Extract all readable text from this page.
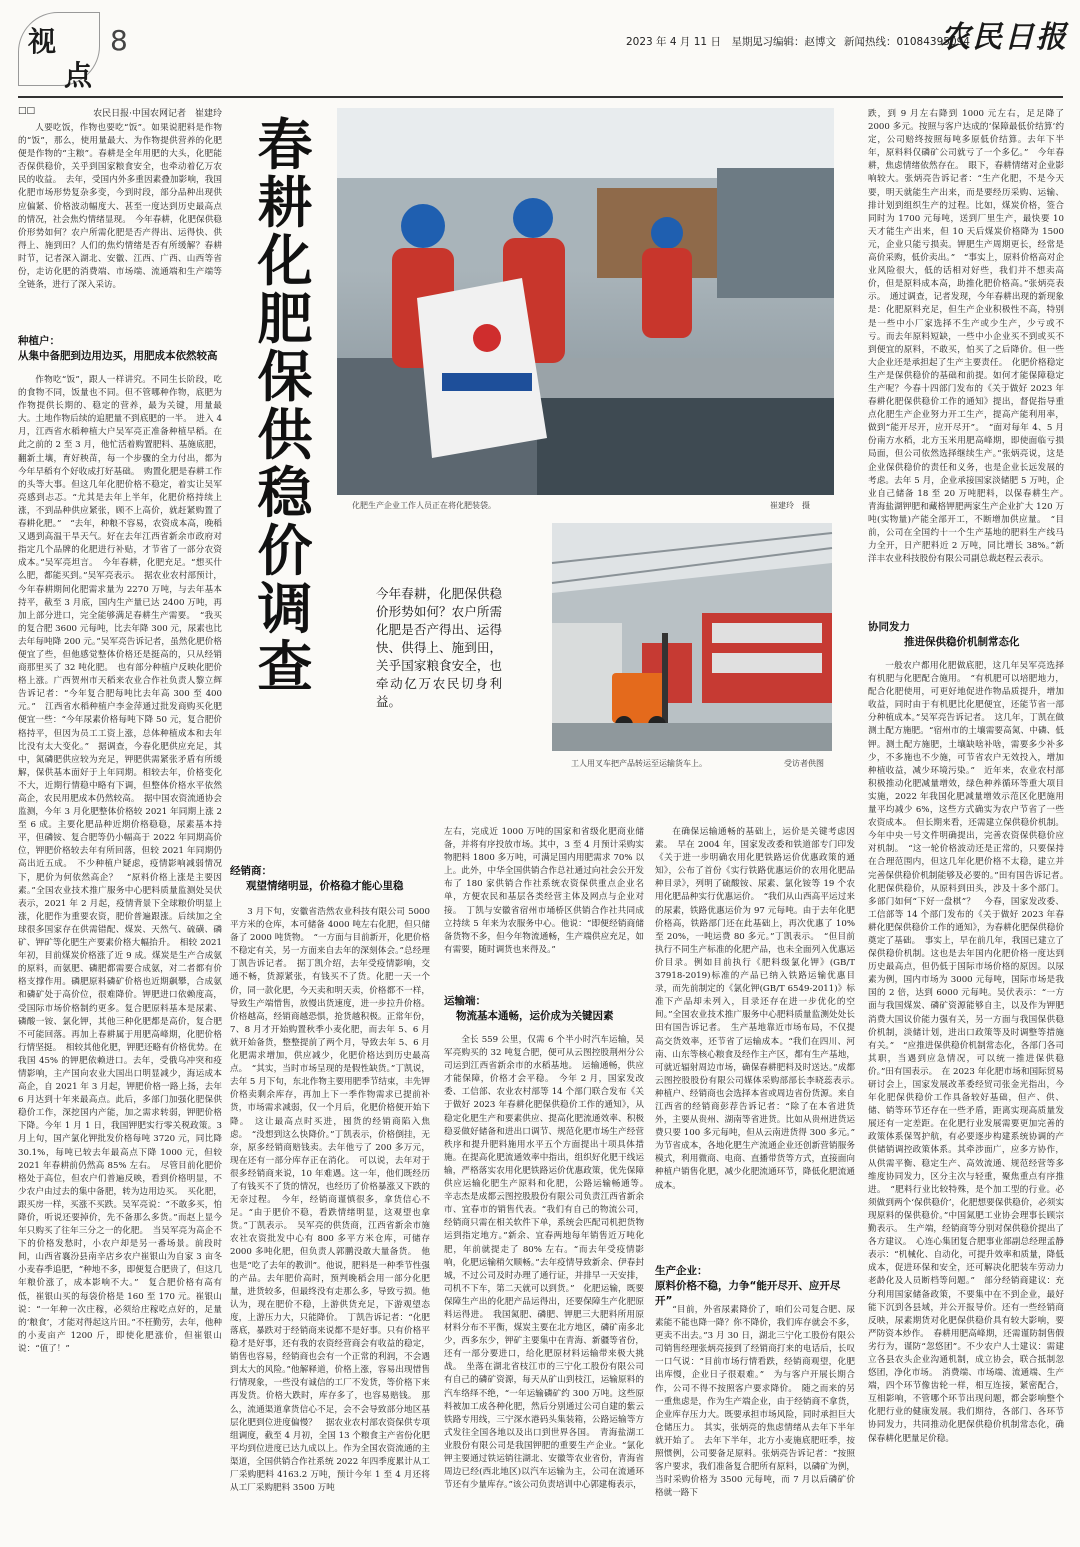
视
点
8	2023 年 4 月 11 日　星期二
见习编辑：赵博文 新闻热线：01084395094
农民日报
□□	农民日报·中国农网记者　崔建玲

人要吃饭，作物也要吃“饭”。如果说肥料是作物的“饭”，那么，使用量最大、为作物提供营养的化肥便是作物的“主粮”。春耕是全年用肥的大头，化肥能否保供稳价，关乎到国家粮食安全，也牵动着亿万农民的收益。　去年，受国内外多重因素叠加影响，我国化肥市场形势复杂多变，今到时段，部分品种出现供应偏紧、价格波动幅度大、甚至一度达到历史最高点的情况，社会焦灼情绪显现。　今年春耕，化肥保供稳价形势如何？农户所需化肥是否产得出、运得快、供得上、施到田？人们的焦灼情绪是否有所缓解？春耕时节，记者深入湖北、安徽、江西、广西、山西等省份，走访化肥的消费端、市场端、流通端和生产端等全链条，进行了深入采访。

种植户：
从集中备肥到边用边买，用肥成本依然较高

作物吃“饭”，跟人一样讲究。不同生长阶段，吃的食物不同，饭量也不同。但不管哪种作物，底肥为作物提供长期的、稳定的营养，最为关键，用量最大。土地作物后续的追肥量不到底肥的一半。　进入 4 月，江西省水稻种植大户吴军亮正准备种植早稻。在此之前的 2 至 3 月，他忙活着购置肥料、基施底肥，翻新土壤，育好秧苗，每一个步骤的全力付出，都为今年早稻有个好收成打好基础。　购置化肥是春耕工作的头等大事。但这几年化肥价格不稳定，着实让吴军亮感到忐忑。“尤其是去年上半年，化肥价格持续上涨，不到品种供应紧张，顾不上高价，就赶紧购置了春耕化肥。”　“去年，种粮不容易，农资成本高，晚稻又遇到高温干旱天气。好在去年江西省新余市政府对指定几个品牌的化肥进行补贴，才节省了一部分农资成本。”吴军亮坦言。　今年春耕，化肥充足。“想买什么肥，都能买到。”吴军亮表示。　据农业农村部预计，今年春耕期间化肥需求量为 2270 万吨，与去年基本持平，截至 3 月底，国内生产量已达 2400 万吨，再加上部分进口，完全能够满足春耕生产需要。　“我买的复合肥 3600 元每吨，比去年降 300 元，尿素也比去年每吨降 200 元。”吴军亮告诉记者，虽然化肥价格便宜了些，但他感觉整体价格还是挺高的，只从经销商那里买了 32 吨化肥。　也有部分种植户反映化肥价格上涨。广西贺州市天稻来农业合作社负责人黎立辉告诉记者：“今年复合肥每吨比去年高 300 至 400 元。”　江西省水稻种植户李金萍通过批发商购买化肥便宜一些：“今年尿素价格每吨下降 50 元，复合肥价格持平，但因为员工工资上涨，总体种植成本和去年比没有太大变化。”　据调查，今春化肥供应充足，其中，氮磷肥供应较为充足，钾肥供需紧张矛盾有所缓解，保供基本面好于上年同期。相较去年，价格变化不大，近期行情稳中略有下调，但整体价格水平依然高企，农民用肥成本仍然较高。　据中国农资流通协会监测，今年 3 月化肥整体价格较 2021 年同期上涨 2 至 6 成。主要化肥品种近期价格稳稳，尿素基本持平，但磷铵、复合肥等仍小幅高于 2022 年同期高价位，钾肥价格较去年有所回落，但较 2021 年同期仍高出近五成。　不少种植户疑虑，疫情影响减弱情况下，肥价为何依然高企？　“原料价格上涨是主要因素。”全国农业技术推广服务中心肥料质量监测处吴伏表示，2021 年 2 月起，疫情背景下全球粮价明显上涨，化肥作为重要农资，肥价普遍跟涨。后续加之全球很多国家存在供需错配、煤炭、天然气、硫磺、磷矿、钾矿等化肥生产要素价格大幅抬升。　相较 2021 年初，目前煤炭价格涨了近 9 成。煤炭是生产合成氨的原料，而氨肥、磷肥都需要合成氨，对二者都有价格支撑作用。磷肥原料磷矿价格也近期飙攀，合成氨和磷矿处于高价位，很难降价。钾肥进口依赖度高，受国际市场价格制约更多。复合肥原料基本是尿素、磷酸一铵、氯化钾，其他三种化肥都是高价，复合肥不可能回落。再加上春耕属于用肥高峰期，化肥价格行情坚挺。　相较其他化肥，钾肥还略有价格优势。在我国 45% 的钾肥依赖进口。去年，受俄乌冲突和疫情影响，主产国向农业大国出口明显减少，海运成本高企，自 2021 年 3 月起，钾肥价格一路上扬，去年 6 月达到十年来最高点。此后，多部门加强化肥保供稳价工作，深挖国内产能，加之需求转弱，钾肥价格下降。今年 1 月 1 日，我国钾肥实行零关税政策。3 月上旬，国产氯化钾批发价格每吨 3720 元，同比降 30.1%，每吨已较去年最高点下降 1000 元，但较 2021 年春耕前仍然高 85% 左右。　尽管目前化肥价格处于高位，但农户们普遍反映，看到价格明显，不少农户由过去的集中备肥，转为边用边买。　买化肥，跟买房一样，买涨不买跌。吴军亮说：“不敢多买，怕降价，听说还要掉价，先不备那么多货。”而赵上显今年只购买了往年三分之一的化肥。　当吴军亮为高企不下的价格发愁时，小农户却是另一番场景。前段时间，山西省襄汾县南辛店乡农户崔银山为自家 3 亩冬小麦春季追肥，“种地不多，即便复合肥贵了，但这几年粮价涨了，成本影响不大。”　复合肥价格有高有低，崔银山买的每袋价格是 160 至 170 元。崔银山说：“一年种一次庄稼，必须给庄稼吃点好的，足量的‘粮食’，才能对得起这片田。”不枉勤劳，去年，他种的小麦亩产 1200 斤，即使化肥涨价，但崔银山说：“值了！”

春耕化肥保供稳价调查
化肥生产企业工作人员正在将化肥装袋。	崔建玲　摄
今年春耕，化肥保供稳价形势如何？农户所需化肥是否产得出、运得快、供得上、施到田，关乎国家粮食安全，也牵动亿万农民切身利益。
工人用叉车把产品转运至运输货车上。	受访者供图
经销商：
观望情绪明显，价格稳才能心里稳

3 月下旬，安徽省浩然农业科技有限公司 5000 平方米的仓库，本可储备 4000 吨左右化肥，但只储备了 2000 吨货物。　“一方面与目前新开，化肥价格不稳定有关，另一方面来自去年的深刻体会。”总经理丁凯告诉记者。　据丁凯介绍，去年受疫情影响，交通不畅，货源紧张，有钱买不了货。化肥一天一个价，同一款化肥，今天卖和明天卖，价格都不一样，导致生产端惜售，放慢出货速度，进一步拉升价格。价格越高，经销商越恐惧，抢货越积极。正常年份，7、8 月才开始购置秋季小麦化肥，而去年 5、6 月就开始备货，整整提前了两个月，导致去年 5、6 月化肥需求增加，供应减少，化肥价格达到历史最高点。　“其实，当时市场呈现的是假性缺货。”丁凯说，去年 5 月下旬，东北作物主要用肥季节结束，丰先钾价格卖剩余库存，再加上下一季作物需求已提前补货，市场需求减弱，仅一个月后，化肥价格便开始下降。　这让最高点时买进，囤货的经销商陷入焦虑。　“没想到这么快降价。”丁凯表示，价格倒挂，无奈，原多经销商赔钱卖。去年他亏了 200 多万元，现在还有一部分库存正在消化。　可以说，去年对于很多经销商来说，10 年难遇。这一年，他们既经历了有钱买不了货的情况，也经历了价格暴涨又下跌的无奈过程。　今年，经销商谨慎很多，拿货信心不足。“由于肥价不稳，看跌情绪明显，这观望也拿货。”丁凯表示。　吴军亮的供货商，江西省新余市施农社农资批发中心有 800 多平方米仓库，可储存 2000 多吨化肥，但负责人郭鹏没敢大量备货。　他也是“吃了去年的教训”。他说，肥料是一种季节性强的产品。去年肥价高时，预判晚稻会用一部分化肥量，进货较多，但最终没有走那么多，导致亏损。他认为，现在肥价不稳，上游供货充足，下游观望态度，上游压力大，只能降价。　丁凯告诉记者：“化肥落底，暴跌对于经销商来说都不是好事。只有价格平稳才是好事，还有我的农资经营商会有收益的稳定，销售也容易，经销商也会有一个正常的利润，不会遇到太大的风险。”他解释道，价格上涨，容易出现惜售行情现象，一些没有诚信的工厂不发货，等价格下来再发货。价格大跌时，库存多了，也容易赔钱。　那么，流通渠道拿货信心不足，会不会导致部分地区基层化肥到位进度偏慢？　据农业农村部农资保供专项组调度，截至 4 月初，全国 13 个粮食主产省份化肥平均到位进度已达九成以上。作为全国农资流通的主渠道，全国供销合作社系统 2022 年四季度累计从工厂采购肥料 4163.2 万吨，预计今年 1 至 4 月还将从工厂采购肥料 3500 万吨

左右，完成近 1000 万吨的国家和省级化肥商业储备，并将有序投放市场。其中，3 至 4 月预计采购实物肥料 1800 多万吨，可满足国内用肥需求 70% 以上。此外，中华全国供销合作总社通过向社会公开发布了 180 家供销合作社系统农资保供重点企业名单，方便农民和基层各类经营主体及网点与企业对接。　丁凯与安徽省宿州市埇桥区供销合作社共同成立持续 5 年来为农服务中心。他说：“即便经销商储备货物不多，但今年物流通畅，生产端供应充足，如有需要，随时调货也来得及。”

运输端：
物流基本通畅，运价成为关键因素

全长 559 公里，仅需 6 个半小时汽车运输，吴军亮购买的 32 吨复合肥，便可从云图控股荆州分公司运到江西省新余市的水稻基地。　运输通畅，供应才能保障，价格才会平稳。　今年 2 月，国家发改委、工信部、农业农村部等 14 个部门联合发布《关于做好 2023 年春耕化肥保供稳价工作的通知》，从稳定化肥生产和要素供应、提高化肥流通效率、积极稳妥做好储备和进出口调节、规范化肥市场生产经营秩序和提升肥料施用水平五个方面提出十项具体措施。在提高化肥流通效率中指出，组织好化肥干线运输，严格落实农用化肥铁路运价优惠政策，优先保障供应运输化肥生产原料和化肥，公路运输畅通等。　辛志杰是成都云图控股股份有限公司负责江西省新余市、宜春市的销售代表。“我们有自己的物流公司，经销商只需在相关软件下单，系统会匹配司机把货物运到指定地方。”新余、宜春两地每年销售近万吨化肥，年前就提走了 80% 左右。“而去年受疫情影响，化肥运输稍欠顺畅。”去年疫情导致新余、伊春封城，不过公司及时办理了通行证，并排早一天安排，司机不下车，第二天就可以到货。”　化肥运输，既要保障生产出的化肥产品运得出，还要保障生产化肥原料运得进。　我国氮肥、磷肥、钾肥三大肥料所用原材料分布不平衡，煤炭主要在北方地区，磷矿南多北少，西多东少，钾矿主要集中在青海、新疆等省份，还有一部分要进口，给化肥原材料运输带来极大挑战。　坐落在湖北省枝江市的三宁化工股份有限公司有自己的磷矿资源，每天从矿山到枝江，运输原料的汽车络绎不绝，“一年运输磷矿约 300 万吨。这些原料被加工成各种化肥，然后分别通过公司自建的紫云铁路专用线，三宁深水港码头集装箱，公路运输等方式发往全国各地以及出口到世界各国。　青海盐湖工业股份有限公司是我国钾肥的重要生产企业。“氯化钾主要通过铁运销往湖北、安徽等农业省份，青海省周边已经(西北地区)以汽车运输为主，公司在流通环节还有少量库存。”该公司负责培训中心郭建梅表示，

在确保运输通畅的基础上，运价是关键考虑因素。　早在 2004 年，国家发改委和铁道部专门印发《关于进一步明确农用化肥铁路运价优惠政策的通知》，公布了首份《实行铁路优惠运价的农用化肥品种目录》，列明了硫酸铵、尿素、氯化铵等 19 个农用化肥品种实行优惠运价。　“我们从山西高平运过来的尿素，铁路优惠运价为 97 元每吨。由于去年化肥价格高，铁路部门还在此基础上，再次优惠了 10% 至 20%，一吨运费 80 多元。”丁凯表示。　“但目前执行不同生产标准的化肥产品，也未全面列入优惠运价目录。例如目前执行《肥料级氯化钾》(GB/T 37918-2019)标准的产品已纳入铁路运输优惠目录，而先前制定的《氯化钾(GB/T 6549-2011)》标准下产品却未列入，目录还存在进一步优化的空间。”全国农业技术推广服务中心肥料质量监测处处长田有国告诉记者。　生产基地靠近市场布局，不仅提高交货效率，还节省了运输成本。“我们在四川、河南、山东等核心粮食及经作主产区，都有生产基地，可就近辐射周边市场，确保春耕肥料及时送达。”成都云图控股股份有限公司媒体采购部部长李晓蕊表示。　种植户、经销商也会选择本省或周边省份货源。来自江西省的经销商彭荐告诉记者：“除了在本省进货外，主要从贵州、湖南等省进货。比如从贵州进货运费只要 100 多元每吨，但从云南进货得 300 多元。”　为节省成本，各地化肥生产流通企业还创新营销服务模式，利用微商、电商、直播带货等方式，直接面向种植户销售化肥，减少化肥流通环节，降低化肥流通成本。

生产企业：
原料价格不稳，力争“能开尽开、应开尽开”

“目前，外省尿素降价了，咱们公司复合肥、尿素能不能也降一降？你不降价，我们库存就会不多，更卖不出去。”3 月 30 日，湖北三宁化工股份有限公司销售经理张炳亮接到了经销商打来的电话后，长叹一口气说：“目前市场行情看跌，经销商观望，化肥出库慢，企业日子很艰难。”　为与客户开展长期合作，公司不得不按照客户要求降价。　随之而来的另一重焦虑是，作为生产端企业，由于经销商不拿货，企业库存压力大。既要承担市场风险，同时承担巨大仓储压力。　其实，张炳亮的焦虑情绪从去年下半年就开始了。　去年下半年，北方小麦施底肥旺季，按照惯例，公司要备足原料。张炳亮告诉记者：“按照客户要求，我们准备复合肥所有原料，以磷矿为例，当时采购价格为 3500 元每吨，而 7 月以后磷矿价格就一路下

跌，到 9 月左右降到 1000 元左右，足足降了 2000 多元。按照与客户达成的‘保障最低价结算’约定，公司赔终按照每吨多原低价结算。去年下半年，原料料仅磷矿公司就亏了一个多亿。”　今年春耕，焦虑情绪依然存在。　眼下，春耕情绪对企业影响较大。张炳亮告诉记者：“生产化肥，不是今天要，明天就能生产出来，而是要经历采购、运输、排计划到组织生产的过程。比如，煤炭价格，签合同时为 1700 元每吨，送到厂里生产，最快要 10 天才能生产出来，但 10 天后煤炭价格降为 1500 元，企业只能亏损卖。钾肥生产周期更长，经常是高价采购，低价卖出。”　“事实上，原料价格高对企业风险很大，低的话相对好些，我们并不想卖高价，但是原料成本高，助推化肥价格高。”张炳亮表示。　通过调查，记者发现，今年春耕出现的新现象是：化肥原料充足，但生产企业积极性不高，特别是一些中小厂家选择不生产或少生产，少亏或不亏。而去年原料短缺，一些中小企业买不到或买不到便宜的原料，不敢买，怕买了之后降价。但一些大企业还是承担起了生产主要责任。　化肥价格稳定生产是保供稳价的基础和前提。如何才能保障稳定生产呢？今春十四部门发布的《关于做好 2023 年春耕化肥保供稳价工作的通知》提出，督促指导重点化肥生产企业努力开工生产，提高产能利用率，做到“能开尽开，应开尽开”。　“面对每年 4、5 月份南方水稻，北方玉米用肥高峰期，即使面临亏损局面，但公司依然选择继续生产。”张炳亮说，这是企业保供稳价的责任和义务，也是企业长远发展的考虑。去年 5 月，企业承接国家淡储肥 5 万吨，企业自己储备 18 至 20 万吨肥料，以保春耕生产。　青海盐湖钾肥和藏格钾肥两家生产企业扩大 120 万吨(实物量)产能全部开工，不断增加供应量。　“目前，公司在全国约十一个生产基地的肥料生产线马力全开，日产肥料近 2 万吨，同比增长 38%。”新洋丰农业科技股份有限公司副总裁赵程云表示。

协同发力
推进保供稳价机制常态化

一般农户都用化肥做底肥，这几年吴军亮选择有机肥与化肥配合施用。　“有机肥可以培肥地力，配合化肥使用，可更好地促进作物品质提升，增加收益，同时由于有机肥比化肥便宜，还能节省一部分种植成本。”吴军亮告诉记者。　这几年，丁凯在做测土配方施肥。“宿州市的土壤需要高氮、中磷、低钾。测土配方施肥，土壤缺啥补啥，需要多少补多少，不多施也不少施，可节省农户无效投入，增加种植收益，减少环境污染。”　近年来，农业农村部积极推动化肥减量增效，绿色种养循环等重大项目实施，2022 年我国化肥减量增效示范区化肥施用量平均减少 6%，这些方式确实为农户节省了一些农资成本。　但长期来看，还需建立保供稳价机制。今年中央一号文件明确提出，完善农资保供稳价应对机制。　“这一轮价格波动还是正常的，只要保持在合理范围内，但这几年化肥价格不太稳，建立并完善保供稳价机制能够及必要的。”田有国告诉记者。　化肥保供稳价，从原料到田头，涉及十多个部门。多部门如何“下好一盘棋”？　今春，国家发改委、工信部等 14 个部门发布的《关于做好 2023 年春耕化肥保供稳价工作的通知》，为春耕化肥保供稳价奠定了基础。　事实上，早在前几年，我国已建立了保供稳价机制。这也是去年国内化肥价格一度达到历史最高点，但仍低于国际市场价格的原因。以尿素为例，国内市场为 3000 元每吨，国际市场是我国的 2 倍，达到 6000 元每吨。吴伏表示：“一方面与我国煤炭、磷矿资源能够自主，以及作为钾肥消费大国议价能力强有关，另一方面与我国保供稳价机制，淡储计划，进出口政策等及时调整等措施有关。”　“应推进保供稳价机制常态化，各部门各司其职，当遇到应急情况，可以统一推进保供稳价。”田有国表示。　在 2023 年化肥市场和国际贸易研讨会上，国家发展改革委经贸司张金光指出，今年化肥保供稳价工作具备较好基础，但产、供、储、销等环节还存在一些矛盾，距离实现高质量发展还有一定差距。在化肥行业发展需要更加完善的政策体系保驾护航，有必要逐步构建系统协调的产供储销调控政策体系。其牵涉面广，应多方协作，从供需平衡、稳定生产、高效流通、规范经营等多维度协同发力，区分主次与轻重，聚焦重点有序推进。　“肥料行业比较特殊，是个加工型的行业。必须做到两个‘保供稳价’，化肥想要保供稳价，必须实现原料的保供稳价。”中国氮肥工业协会理事长顾宗勤表示。　生产端，经销商等分别对保供稳价提出了各方建议。　心连心集团复合肥事业部副总经理孟静表示：“机械化、自动化，可提升效率和质量，降低成本，促进环保和安全，还可解决化肥装车劳动力老龄化及人员断档等问题。”　部分经销商建议：充分利用国家储备政策，不要集中在不到企业，最好能下沉到各县域，并公开报导价。还有一些经销商反映，尿素期货对化肥保供稳价具有较大影响，要严防资本炒作。　春耕用肥高峰期，还需谨防制售假劣行为，谨防“忽悠团”。不少农户人士建议：需建立各县农头企业沟通机制，成立协会，联合抵制忽悠团，净化市场。　消费端、市场端、流通端、生产端，四个环节像齿轮一样，相互连接，紧密配合，互相影响，不管哪个环节出现问题，都会影响整个化肥行业的健康发展。我们期待，各部门、各环节协同发力，共同推动化肥保供稳价机制常态化，确保春耕化肥量足价稳。
